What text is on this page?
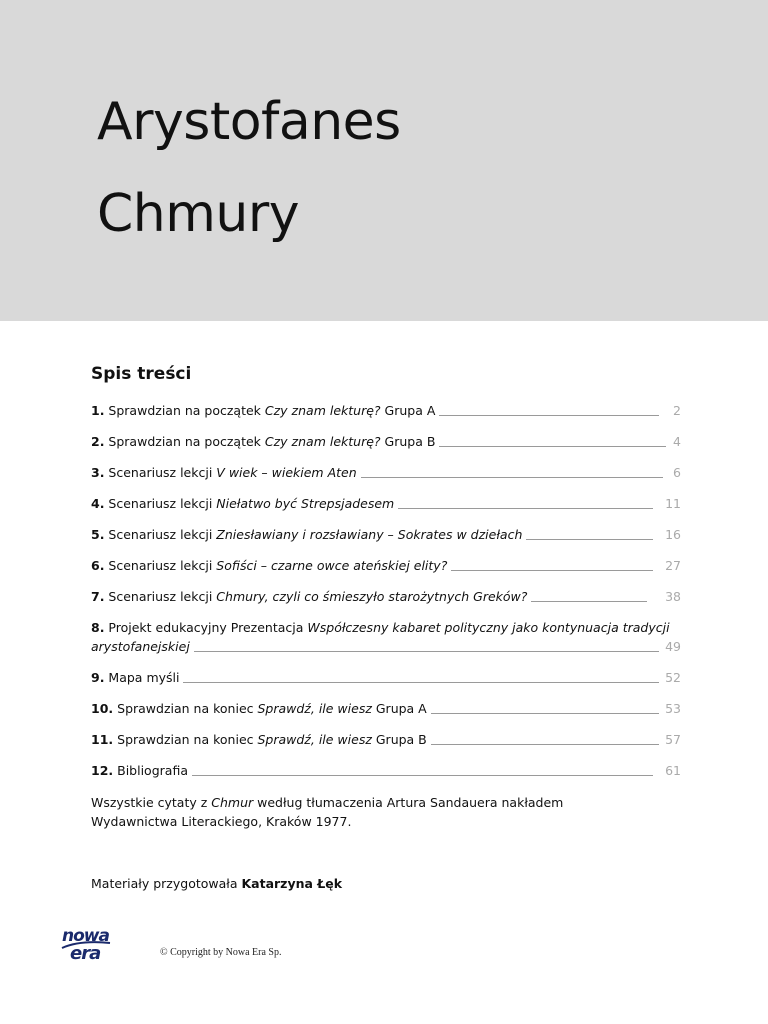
Arystofanes
Chmury
Spis treści
1. Sprawdzian na początek Czy znam lekturę? Grupa A	2
2. Sprawdzian na początek Czy znam lekturę? Grupa B	4
3. Scenariusz lekcji V wiek – wiekiem Aten	6
4. Scenariusz lekcji Niełatwo być Strepsjadesem	11
5. Scenariusz lekcji Zniesławiany i rozsławiany – Sokrates w dziełach	16
6. Scenariusz lekcji Sofiści – czarne owce ateńskiej elity?	27
7. Scenariusz lekcji Chmury, czyli co śmieszyło starożytnych Greków?	38
8. Projekt edukacyjny Prezentacja Współczesny kabaret polityczny jako kontynuacja tradycji
arystofanejskiej	49
9. Mapa myśli	52
10. Sprawdzian na koniec Sprawdź, ile wiesz Grupa A	53
11. Sprawdzian na koniec Sprawdź, ile wiesz Grupa B	57
12. Bibliografia	61
Wszystkie cytaty z Chmur według tłumaczenia Artura Sandauera nakładem Wydawnictwa Literackiego, Kraków 1977.
Materiały przygotowała Katarzyna Łęk
nowa
era	© Copyright by Nowa Era Sp.
